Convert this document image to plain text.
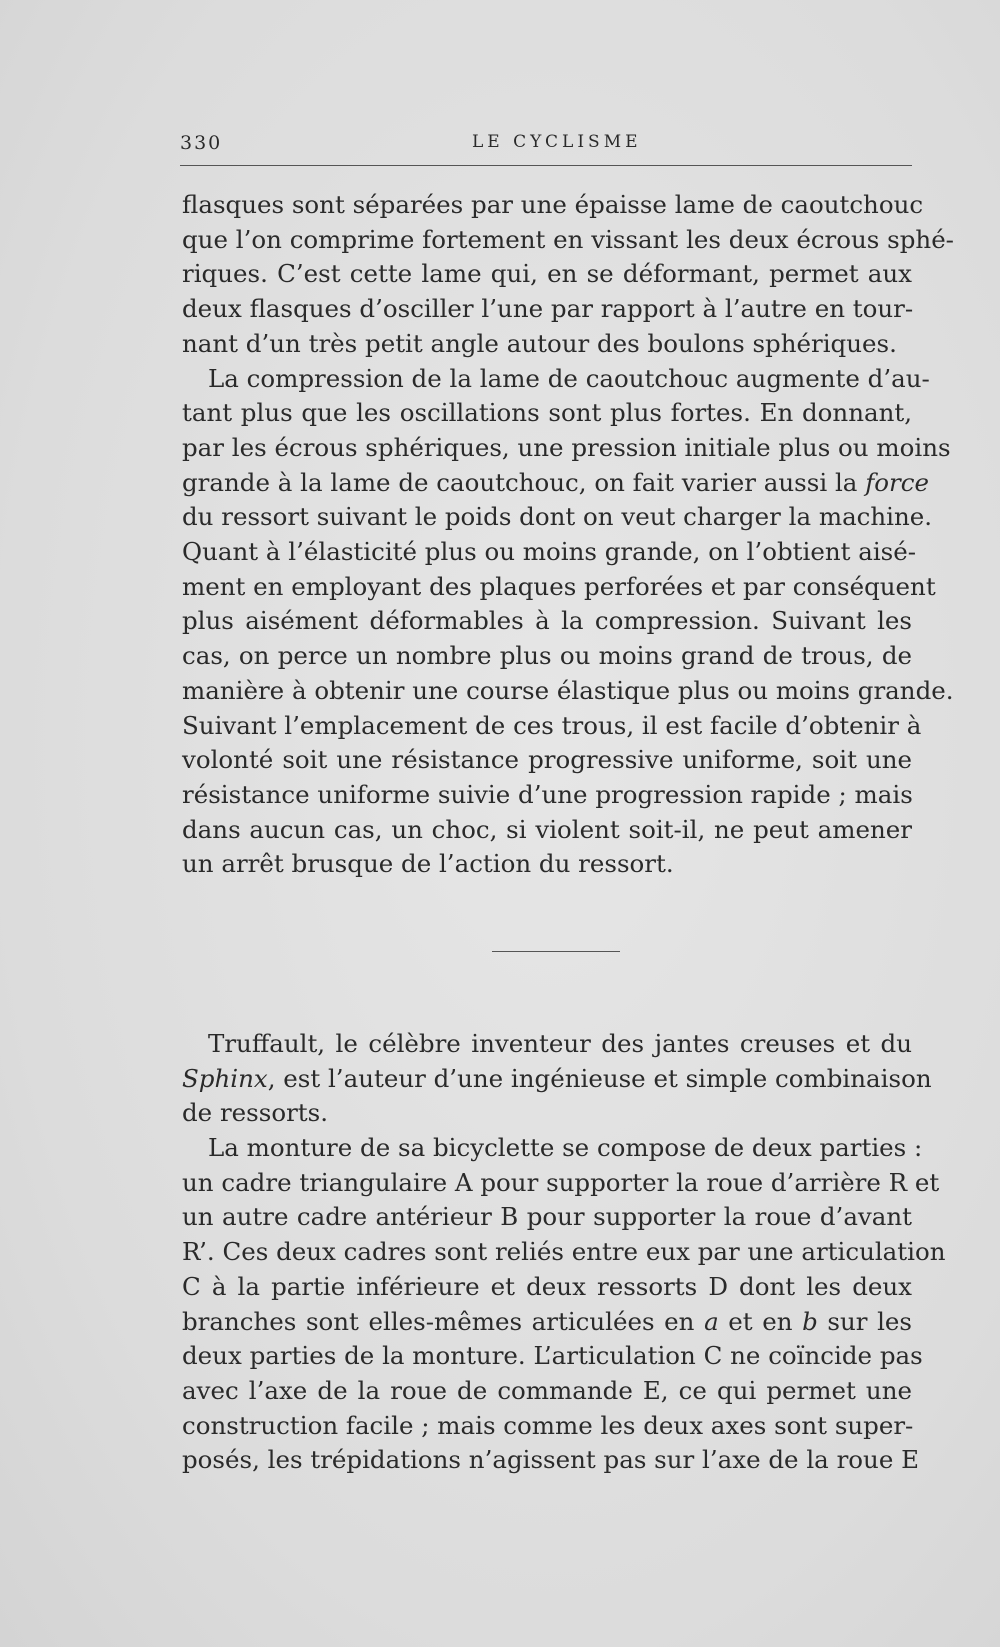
330	LE CYCLISME
flasques sont séparées par une épaisse lame de caoutchouc
que l’on comprime fortement en vissant les deux écrous sphé-
riques. C’est cette lame qui, en se déformant, permet aux
deux flasques d’osciller l’une par rapport à l’autre en tour-
nant d’un très petit angle autour des boulons sphériques.
La compression de la lame de caoutchouc augmente d’au-
tant plus que les oscillations sont plus fortes. En donnant,
par les écrous sphériques, une pression initiale plus ou moins
grande à la lame de caoutchouc, on fait varier aussi la force
du ressort suivant le poids dont on veut charger la machine.
Quant à l’élasticité plus ou moins grande, on l’obtient aisé-
ment en employant des plaques perforées et par conséquent
plus aisément déformables à la compression. Suivant les
cas, on perce un nombre plus ou moins grand de trous, de
manière à obtenir une course élastique plus ou moins grande.
Suivant l’emplacement de ces trous, il est facile d’obtenir à
volonté soit une résistance progressive uniforme, soit une
résistance uniforme suivie d’une progression rapide ; mais
dans aucun cas, un choc, si violent soit-il, ne peut amener
un arrêt brusque de l’action du ressort.
Truffault, le célèbre inventeur des jantes creuses et du
Sphinx, est l’auteur d’une ingénieuse et simple combinaison
de ressorts.
La monture de sa bicyclette se compose de deux parties :
un cadre triangulaire A pour supporter la roue d’arrière R et
un autre cadre antérieur B pour supporter la roue d’avant
R’. Ces deux cadres sont reliés entre eux par une articulation
C à la partie inférieure et deux ressorts D dont les deux
branches sont elles-mêmes articulées en a et en b sur les
deux parties de la monture. L’articulation C ne coïncide pas
avec l’axe de la roue de commande E, ce qui permet une
construction facile ; mais comme les deux axes sont super-
posés, les trépidations n’agissent pas sur l’axe de la roue E
